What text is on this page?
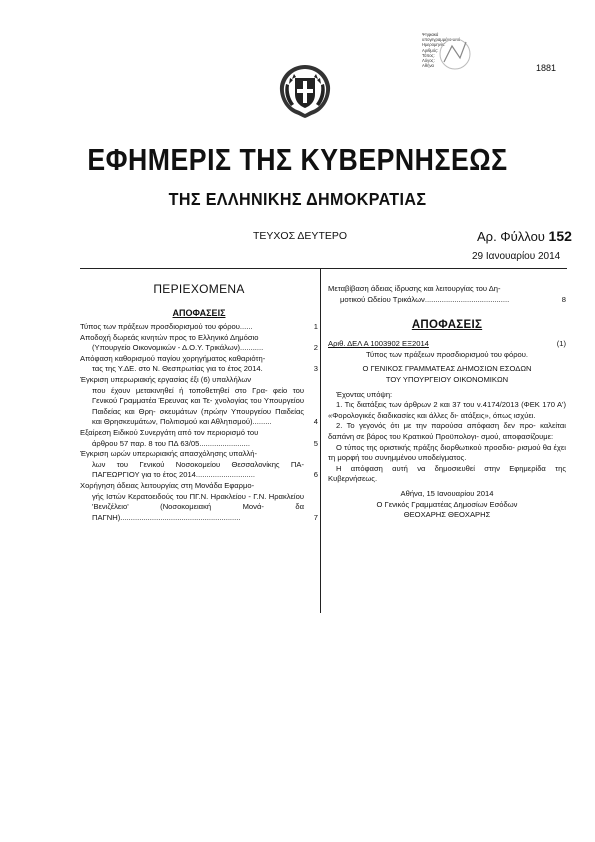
Ψηφιακά
υπογεγραμμένο από
Ημερομηνία:
Αριθμός:
Τόπος:
Λόγος:
Αθήνα	1881
ΕΦΗΜΕΡΙΣ ΤΗΣ ΚΥΒΕΡΝΗΣΕΩΣ
ΤΗΣ ΕΛΛΗΝΙΚΗΣ ΔΗΜΟΚΡΑΤΙΑΣ
ΤΕΥΧΟΣ ΔΕΥΤΕΡΟ	Αρ. Φύλλου 152
29 Ιανουαρίου 2014
ΠΕΡΙΕΧΟΜΕΝΑ
ΑΠΟΦΑΣΕΙΣ
Τύπος των πράξεων προσδιορισμού του φόρου......	1
Αποδοχή δωρεάς κινητών προς το Ελληνικό Δημόσιο
(Υπουργείο Οικονομικών - Δ.Ο.Υ. Τρικάλων)...........	2
Απόφαση καθορισμού παγίου χορηγήματος καθαριότη-
τας της Υ.ΔΕ. στο Ν. Θεσπρωτίας για το έτος 2014.	3
Έγκριση υπερωριακής εργασίας έξι (6) υπαλλήλων
που έχουν μετακινηθεί ή τοποθετηθεί στο Γρα- φείο του Γενικού Γραμματέα Έρευνας και Τε- χνολογίας του Υπουργείου Παιδείας και Θρη- σκευμάτων (πρώην Υπουργείου Παιδείας και Θρησκευμάτων, Πολιτισμού και Αθλητισμού).........	4
Εξαίρεση Ειδικού Συνεργάτη από τον περιορισμό του
άρθρου 57 παρ. 8 του ΠΔ 63/05........................	5
Έγκριση ωρών υπερωριακής απασχόλησης υπαλλή-
λων του Γενικού Νοσοκομείου Θεσσαλονίκης ΠΑ- ΠΑΓΕΩΡΓΙΟΥ για το έτος 2014............................	6
Χορήγηση άδειας λειτουργίας στη Μονάδα Εφαρμο-
γής Ιστών Κερατοειδούς του ΠΓ.Ν. Ηρακλείου - Γ.Ν. Ηρακλείου 'Βενιζέλειο' (Νοσοκομειακή Μονά- δα ΠΑΓΝΗ).........................................................	7
Μεταβίβαση άδειας ίδρυσης και λειτουργίας του Δη-
μοτικού Ωδείου Τρικάλων........................................	8
ΑΠΟΦΑΣΕΙΣ
Αριθ. ΔΕΛ Α 1003902 ΕΞ2014	(1)
Τύπος των πράξεων προσδιορισμού του φόρου.
Ο ΓΕΝΙΚΟΣ ΓΡΑΜΜΑΤΕΑΣ ΔΗΜΟΣΙΩΝ ΕΣΟΔΩΝ
ΤΟΥ ΥΠΟΥΡΓΕΙΟΥ ΟΙΚΟΝΟΜΙΚΩΝ
Έχοντας υπόψη:
1. Τις διατάξεις των άρθρων 2 και 37 του ν.4174/2013 (ΦΕΚ 170 Α') «Φορολογικές διαδικασίες και άλλες δι- ατάξεις», όπως ισχύει.
2. Το γεγονός ότι με την παρούσα απόφαση δεν προ- καλείται δαπάνη σε βάρος του Κρατικού Προϋπολογι- σμού, αποφασίζουμε:
Ο τύπος της οριστικής πράξης διορθωτικού προσδιο- ρισμού θα έχει τη μορφή του συνημμένου υποδείγματος.
Η απόφαση αυτή να δημοσιευθεί στην Εφημερίδα της Κυβερνήσεως.
Αθήνα, 15 Ιανουαρίου 2014
Ο Γενικός Γραμματέας Δημοσίων Εσόδων
ΘΕΟΧΑΡΗΣ ΘΕΟΧΑΡΗΣ
